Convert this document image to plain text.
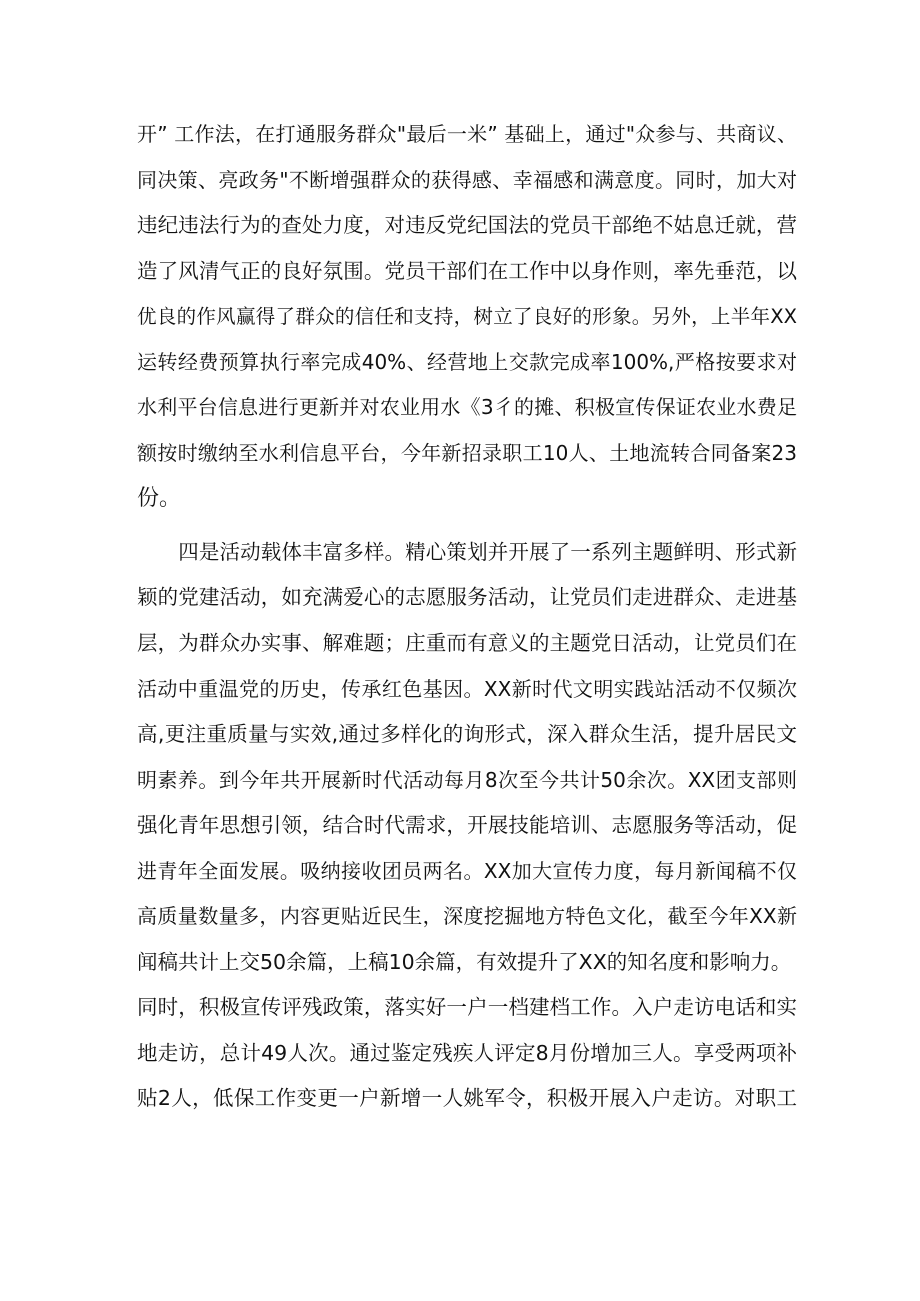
开” 工作法，在打通服务群众"最后一米” 基础上，通过"众参与、共商议、
同决策、亮政务"不断增强群众的获得感、幸福感和满意度。同时，加大对
违纪违法行为的查处力度，对违反党纪国法的党员干部绝不姑息迁就，营
造了风清气正的良好氛围。党员干部们在工作中以身作则，率先垂范，以
优良的作风赢得了群众的信任和支持，树立了良好的形象。另外，上半年XX
运转经费预算执行率完成40%、经营地上交款完成率100%,严格按要求对
水利平台信息进行更新并对农业用水《3彳的摊、积极宣传保证农业水费足
额按时缴纳至水利信息平台，今年新招录职工10人、土地流转合同备案23
份。
　　四是活动载体丰富多样。精心策划并开展了一系列主题鲜明、形式新
颖的党建活动，如充满爱心的志愿服务活动，让党员们走进群众、走进基
层，为群众办实事、解难题；庄重而有意义的主题党日活动，让党员们在
活动中重温党的历史，传承红色基因。XX新时代文明实践站活动不仅频次
高,更注重质量与实效,通过多样化的询形式，深入群众生活，提升居民文
明素养。到今年共开展新时代活动每月8次至今共计50余次。XX团支部则
强化青年思想引领，结合时代需求，开展技能培训、志愿服务等活动，促
进青年全面发展。吸纳接收团员两名。XX加大宣传力度，每月新闻稿不仅
高质量数量多，内容更贴近民生，深度挖掘地方特色文化，截至今年XX新
闻稿共计上交50余篇，上稿10余篇，有效提升了XX的知名度和影响力。
同时，积极宣传评残政策，落实好一户一档建档工作。入户走访电话和实
地走访，总计49人次。通过鉴定残疾人评定8月份增加三人。享受两项补
贴2人，低保工作变更一户新增一人姚军令，积极开展入户走访。对职工
